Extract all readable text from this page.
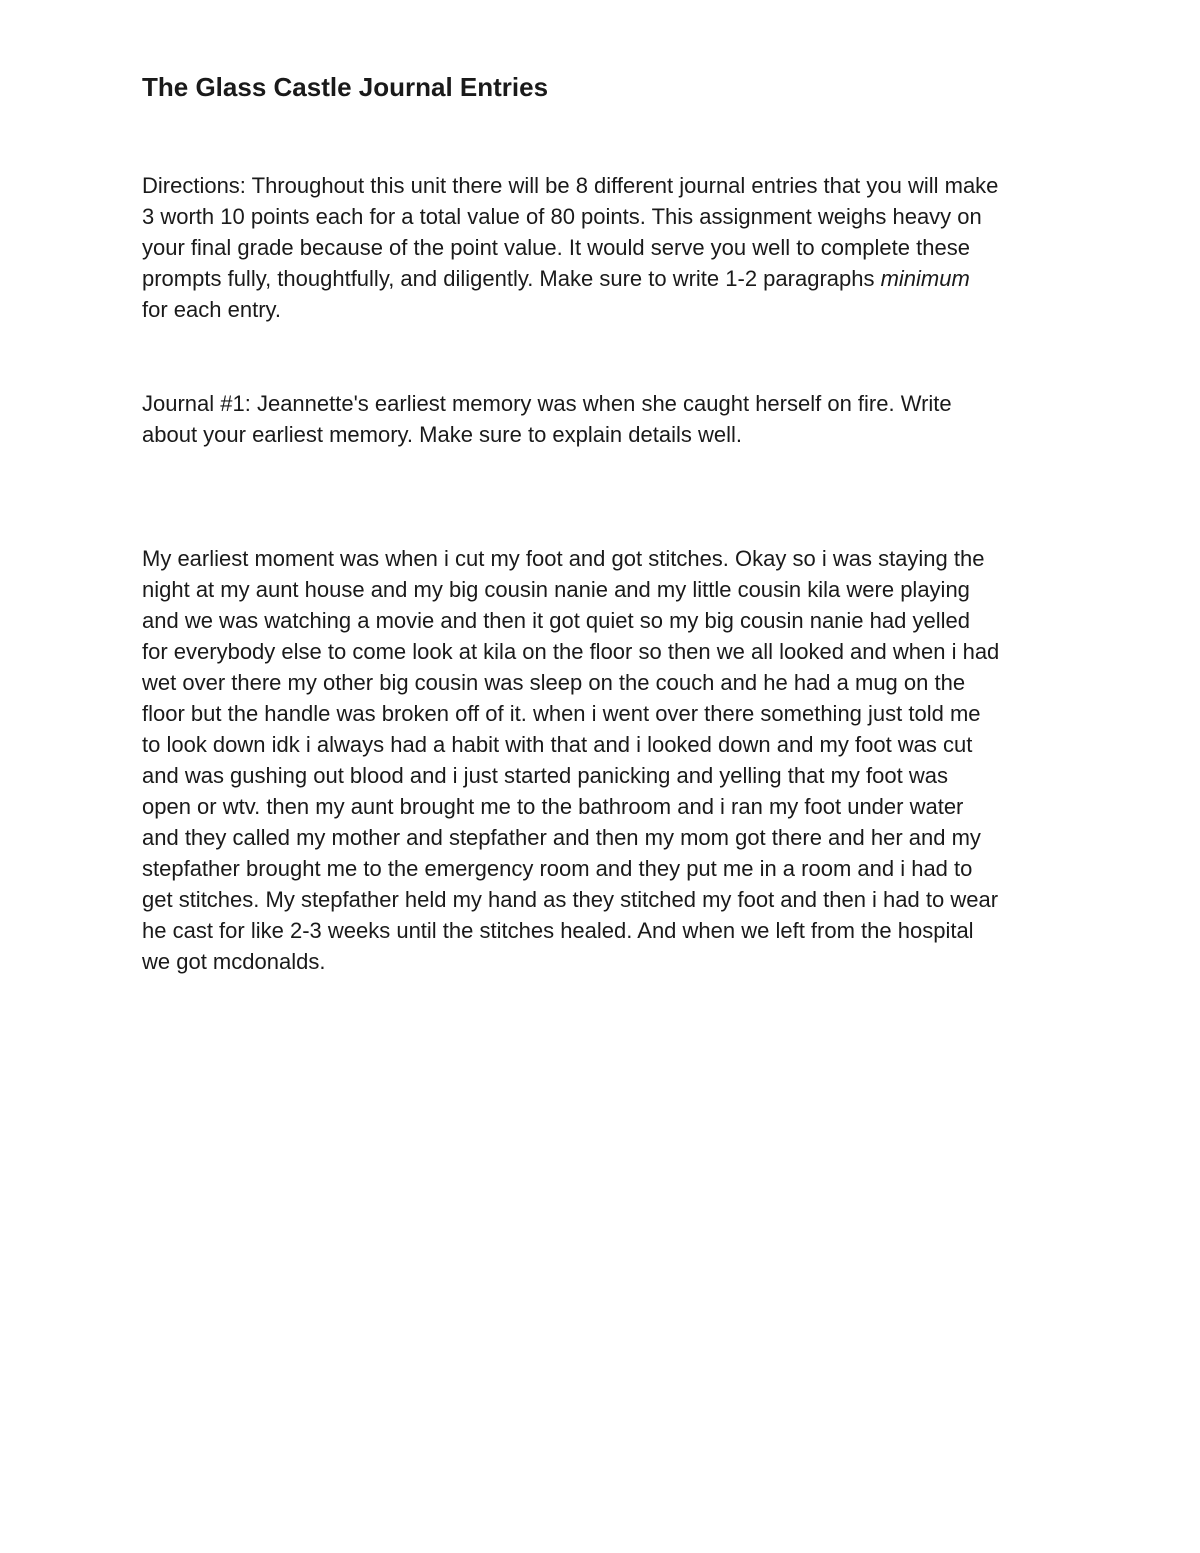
The Glass Castle Journal Entries

Directions: Throughout this unit there will be 8 different journal entries that you will make

3 worth 10 points each for a total value of 80 points. This assignment weighs heavy on

your final grade because of the point value. It would serve you well to complete these

prompts fully, thoughtfully, and diligently. Make sure to write 1-2 paragraphs minimum

for each entry.

Journal #1: Jeannette's earliest memory was when she caught herself on fire. Write

about your earliest memory. Make sure to explain details well.

My earliest moment was when i cut my foot and got stitches. Okay so i was staying the

night at my aunt house and my big cousin nanie and my little cousin kila were playing

and we was watching a movie and then it got quiet so my big cousin nanie had yelled

for everybody else to come look at kila on the floor so then we all looked and when i had

wet over there my other big cousin was sleep on the couch and he had a mug on the

floor but the handle was broken off of it. when i went over there something just told me

to look down idk i always had a habit with that and i looked down and my foot was cut

and was gushing out blood and i just started panicking and yelling that my foot was

open or wtv. then my aunt brought me to the bathroom and i ran my foot under water

and they called my mother and stepfather and then my mom got there and her and my

stepfather brought me to the emergency room and they put me in a room and i had to

get stitches. My stepfather held my hand as they stitched my foot and then i had to wear

he cast for like 2-3 weeks until the stitches healed. And when we left from the hospital

we got mcdonalds.
